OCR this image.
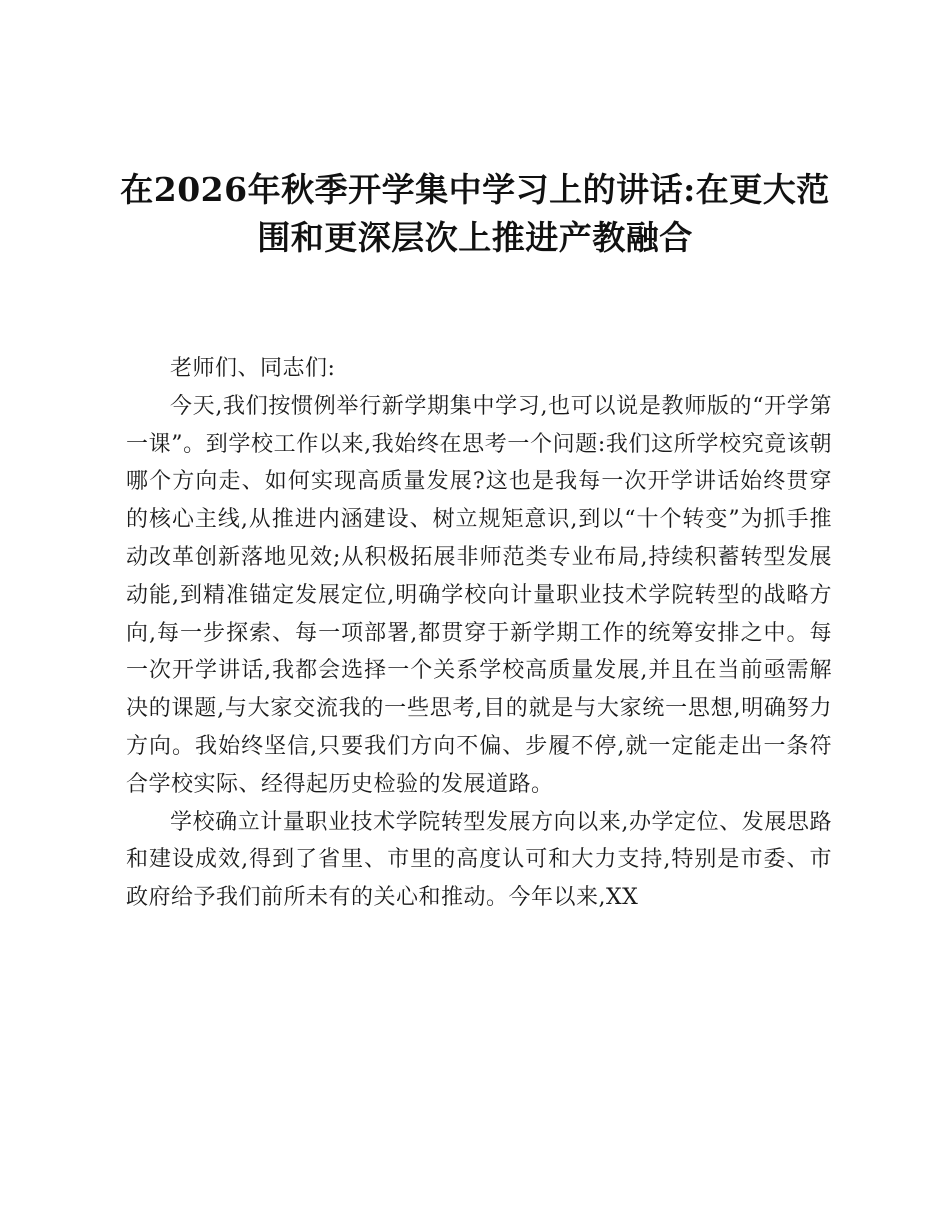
在2026年秋季开学集中学习上的讲话:在更大范围和更深层次上推进产教融合

老师们、同志们:

今天,我们按惯例举行新学期集中学习,也可以说是教师版的“开学第一课”。到学校工作以来,我始终在思考一个问题:我们这所学校究竟该朝哪个方向走、如何实现高质量发展?这也是我每一次开学讲话始终贯穿的核心主线,从推进内涵建设、树立规矩意识,到以“十个转变”为抓手推动改革创新落地见效;从积极拓展非师范类专业布局,持续积蓄转型发展动能,到精准锚定发展定位,明确学校向计量职业技术学院转型的战略方向,每一步探索、每一项部署,都贯穿于新学期工作的统筹安排之中。每一次开学讲话,我都会选择一个关系学校高质量发展,并且在当前亟需解决的课题,与大家交流我的一些思考,目的就是与大家统一思想,明确努力方向。我始终坚信,只要我们方向不偏、步履不停,就一定能走出一条符合学校实际、经得起历史检验的发展道路。

学校确立计量职业技术学院转型发展方向以来,办学定位、发展思路和建设成效,得到了省里、市里的高度认可和大力支持,特别是市委、市政府给予我们前所未有的关心和推动。今年以来,XX
